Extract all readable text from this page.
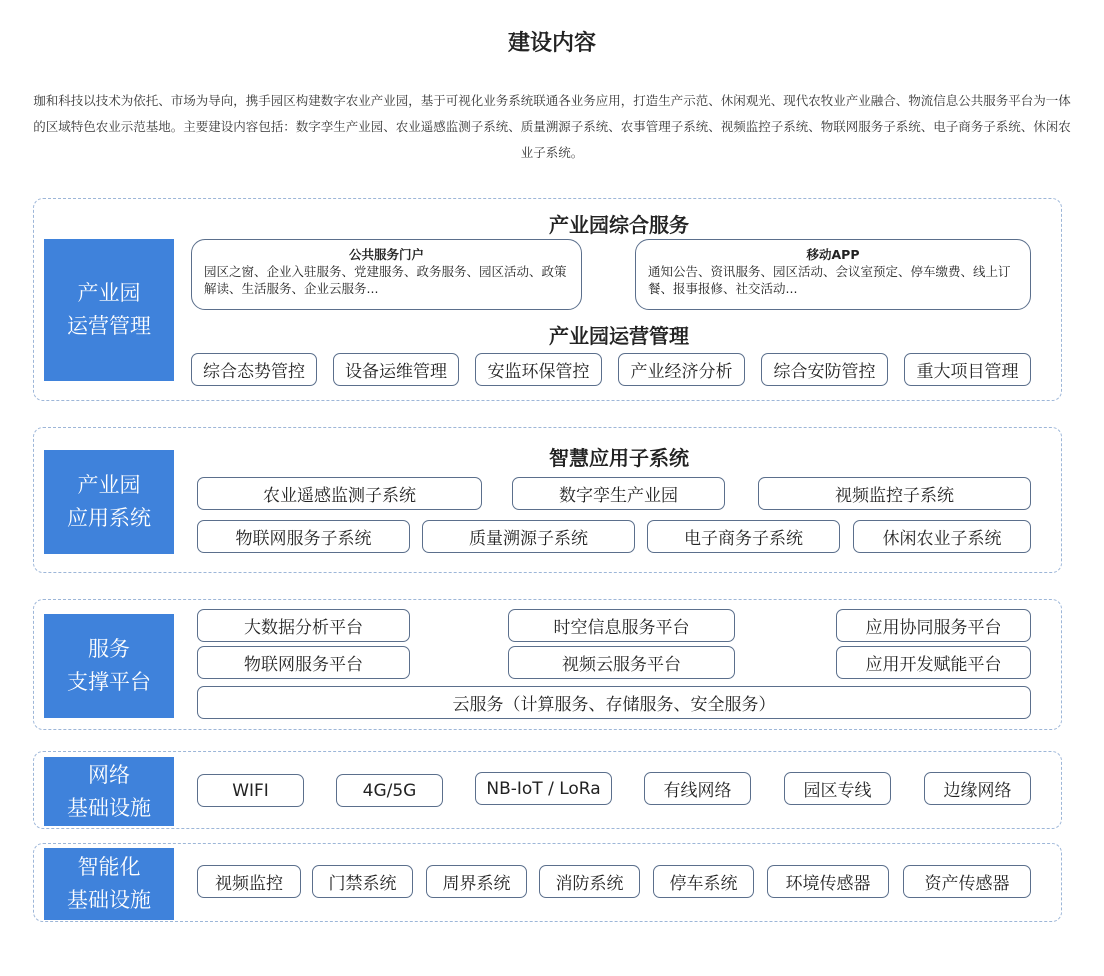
建设内容
珈和科技以技术为依托、市场为导向，携手园区构建数字农业产业园，基于可视化业务系统联通各业务应用，打造生产示范、休闲观光、现代农牧业产业融合、物流信息公共服务平台为一体的区域特色农业示范基地。主要建设内容包括：数字孪生产业园、农业遥感监测子系统、质量溯源子系统、农事管理子系统、视频监控子系统、物联网服务子系统、电子商务子系统、休闲农业子系统。
产业园
运营管理
产业园综合服务
公共服务门户
园区之窗、企业入驻服务、党建服务、政务服务、园区活动、政策解读、生活服务、企业云服务...
移动APP
通知公告、资讯服务、园区活动、会议室预定、停车缴费、线上订餐、报事报修、社交活动...
产业园运营管理
综合态势管控	设备运维管理	安监环保管控	产业经济分析	综合安防管控	重大项目管理
产业园
应用系统
智慧应用子系统
农业遥感监测子系统	数字孪生产业园	视频监控子系统
物联网服务子系统	质量溯源子系统	电子商务子系统	休闲农业子系统
服务
支撑平台
大数据分析平台	时空信息服务平台	应用协同服务平台
物联网服务平台	视频云服务平台	应用开发赋能平台
云服务（计算服务、存储服务、安全服务）
网络
基础设施
WIFI	4G/5G	NB-IoT / LoRa	有线网络	园区专线	边缘网络
智能化
基础设施
视频监控	门禁系统	周界系统	消防系统	停车系统	环境传感器	资产传感器
